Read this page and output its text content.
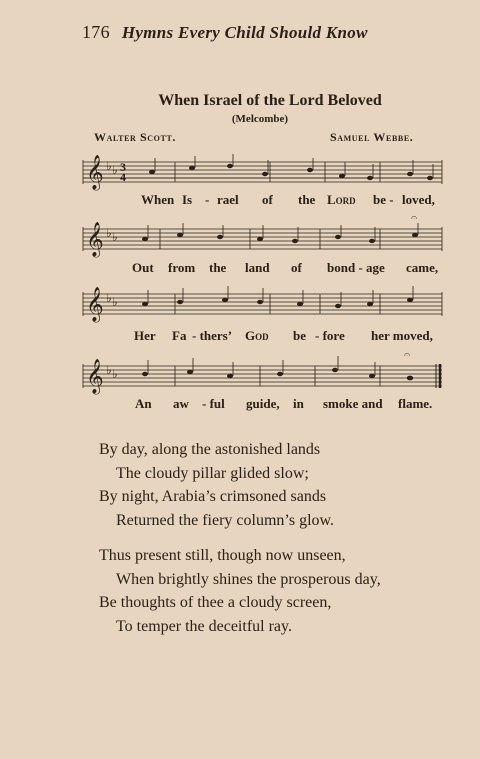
176 Hymns Every Child Should Know
When Israel of the Lord Beloved
(Melcombe)
Walter Scott.	Samuel Webbe.
𝄞 ♭ ♭ 3
4
When Is - rael of the Lord be - loved,
𝄞 ♭ ♭
𝄐
Out from the land of bond - age came,
𝄞 ♭ ♭
Her Fa - thers’ God be - fore her moved,
𝄞 ♭ ♭
𝄐
An aw - ful guide, in smoke and flame.
By day, along the astonished lands
The cloudy pillar glided slow;
By night, Arabia’s crimsoned sands
Returned the fiery column’s glow.
Thus present still, though now unseen,
When brightly shines the prosperous day,
Be thoughts of thee a cloudy screen,
To temper the deceitful ray.
